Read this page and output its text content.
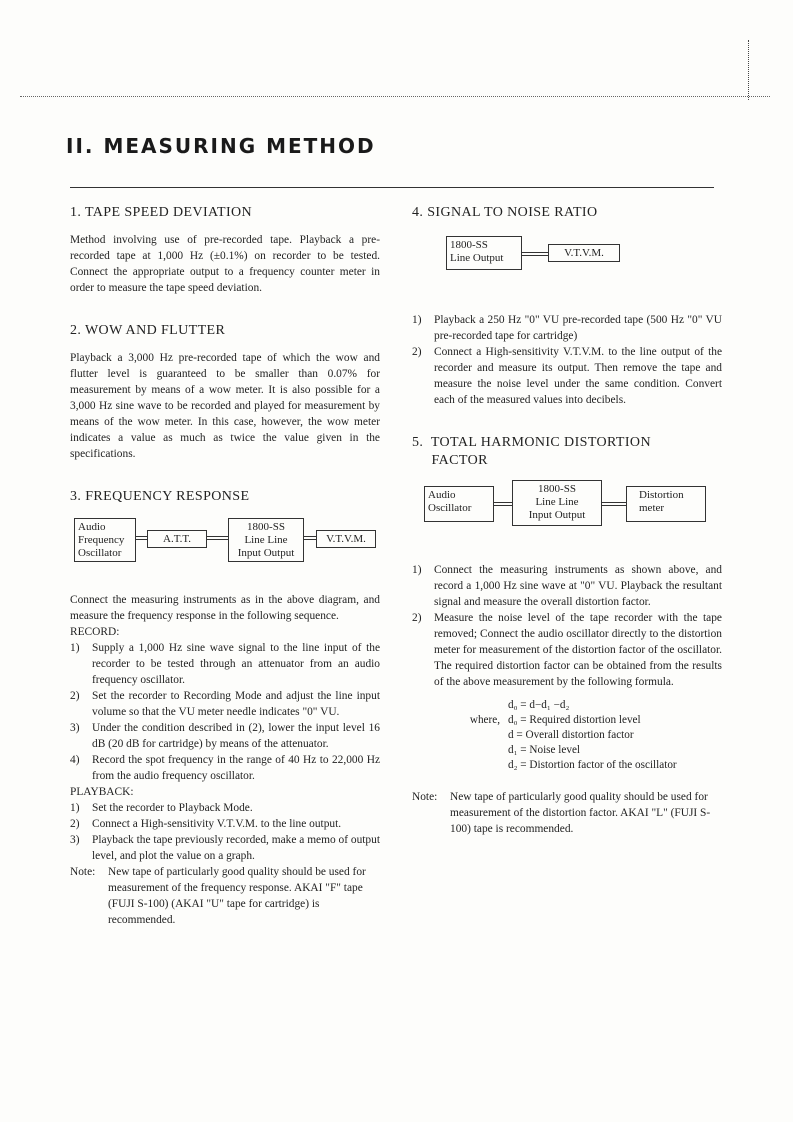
II. MEASURING METHOD
1. TAPE SPEED DEVIATION

Method involving use of pre-recorded tape. Playback a pre-recorded tape at 1,000 Hz (±0.1%) on recorder to be tested. Connect the appropriate output to a frequency counter meter in order to measure the tape speed deviation.

2. WOW AND FLUTTER

Playback a 3,000 Hz pre-recorded tape of which the wow and flutter level is guaranteed to be smaller than 0.07% for measurement by means of a wow meter. It is also possible for a 3,000 Hz sine wave to be recorded and played for measurement by means of the wow meter. In this case, however, the wow meter indicates a value as much as twice the value given in the specifications.

3. FREQUENCY RESPONSE
Audio Frequency Oscillator
A.T.T.
1800-SS
Line Line
Input Output
V.T.V.M.

Connect the measuring instruments as in the above diagram, and measure the frequency response in the following sequence.

RECORD:
1)	Supply a 1,000 Hz sine wave signal to the line input of the recorder to be tested through an attenuator from an audio frequency oscillator.
2)	Set the recorder to Recording Mode and adjust the line input volume so that the VU meter needle indicates "0" VU.
3)	Under the condition described in (2), lower the input level 16 dB (20 dB for cartridge) by means of the attenuator.
4)	Record the spot frequency in the range of 40 Hz to 22,000 Hz from the audio frequency oscillator.
PLAYBACK:
1)	Set the recorder to Playback Mode.
2)	Connect a High-sensitivity V.T.V.M. to the line output.
3)	Playback the tape previously recorded, make a memo of output level, and plot the value on a graph.
Note:	New tape of particularly good quality should be used for measurement of the frequency response. AKAI "F" tape (FUJI S-100) (AKAI "U" tape for cartridge) is recommended.
4. SIGNAL TO NOISE RATIO
1800-SS
Line Output	V.T.V.M.
1)	Playback a 250 Hz "0" VU pre-recorded tape (500 Hz "0" VU pre-recorded tape for cartridge)
2)	Connect a High-sensitivity V.T.V.M. to the line output of the recorder and measure its output. Then remove the tape and measure the noise level under the same condition. Convert each of the measured values into decibels.
5.  TOTAL HARMONIC DISTORTION
FACTOR
Audio Oscillator
1800-SS
Line Line
Input Output
Distortion meter
1)	Connect the measuring instruments as shown above, and record a 1,000 Hz sine wave at "0" VU. Playback the resultant signal and measure the overall distortion factor.
2)	Measure the noise level of the tape recorder with the tape removed; Connect the audio oscillator directly to the distortion meter for measurement of the distortion factor of the oscillator. The required distortion factor can be obtained from the results of the above measurement by the following formula.
d₀ = d−d₁ −d₂
where, d₀ = Required distortion level
d = Overall distortion factor
d₁ = Noise level
d₂ = Distortion factor of the oscillator
Note:	New tape of particularly good quality should be used for measurement of the distortion factor. AKAI "L" (FUJI S-100) tape is recommended.
